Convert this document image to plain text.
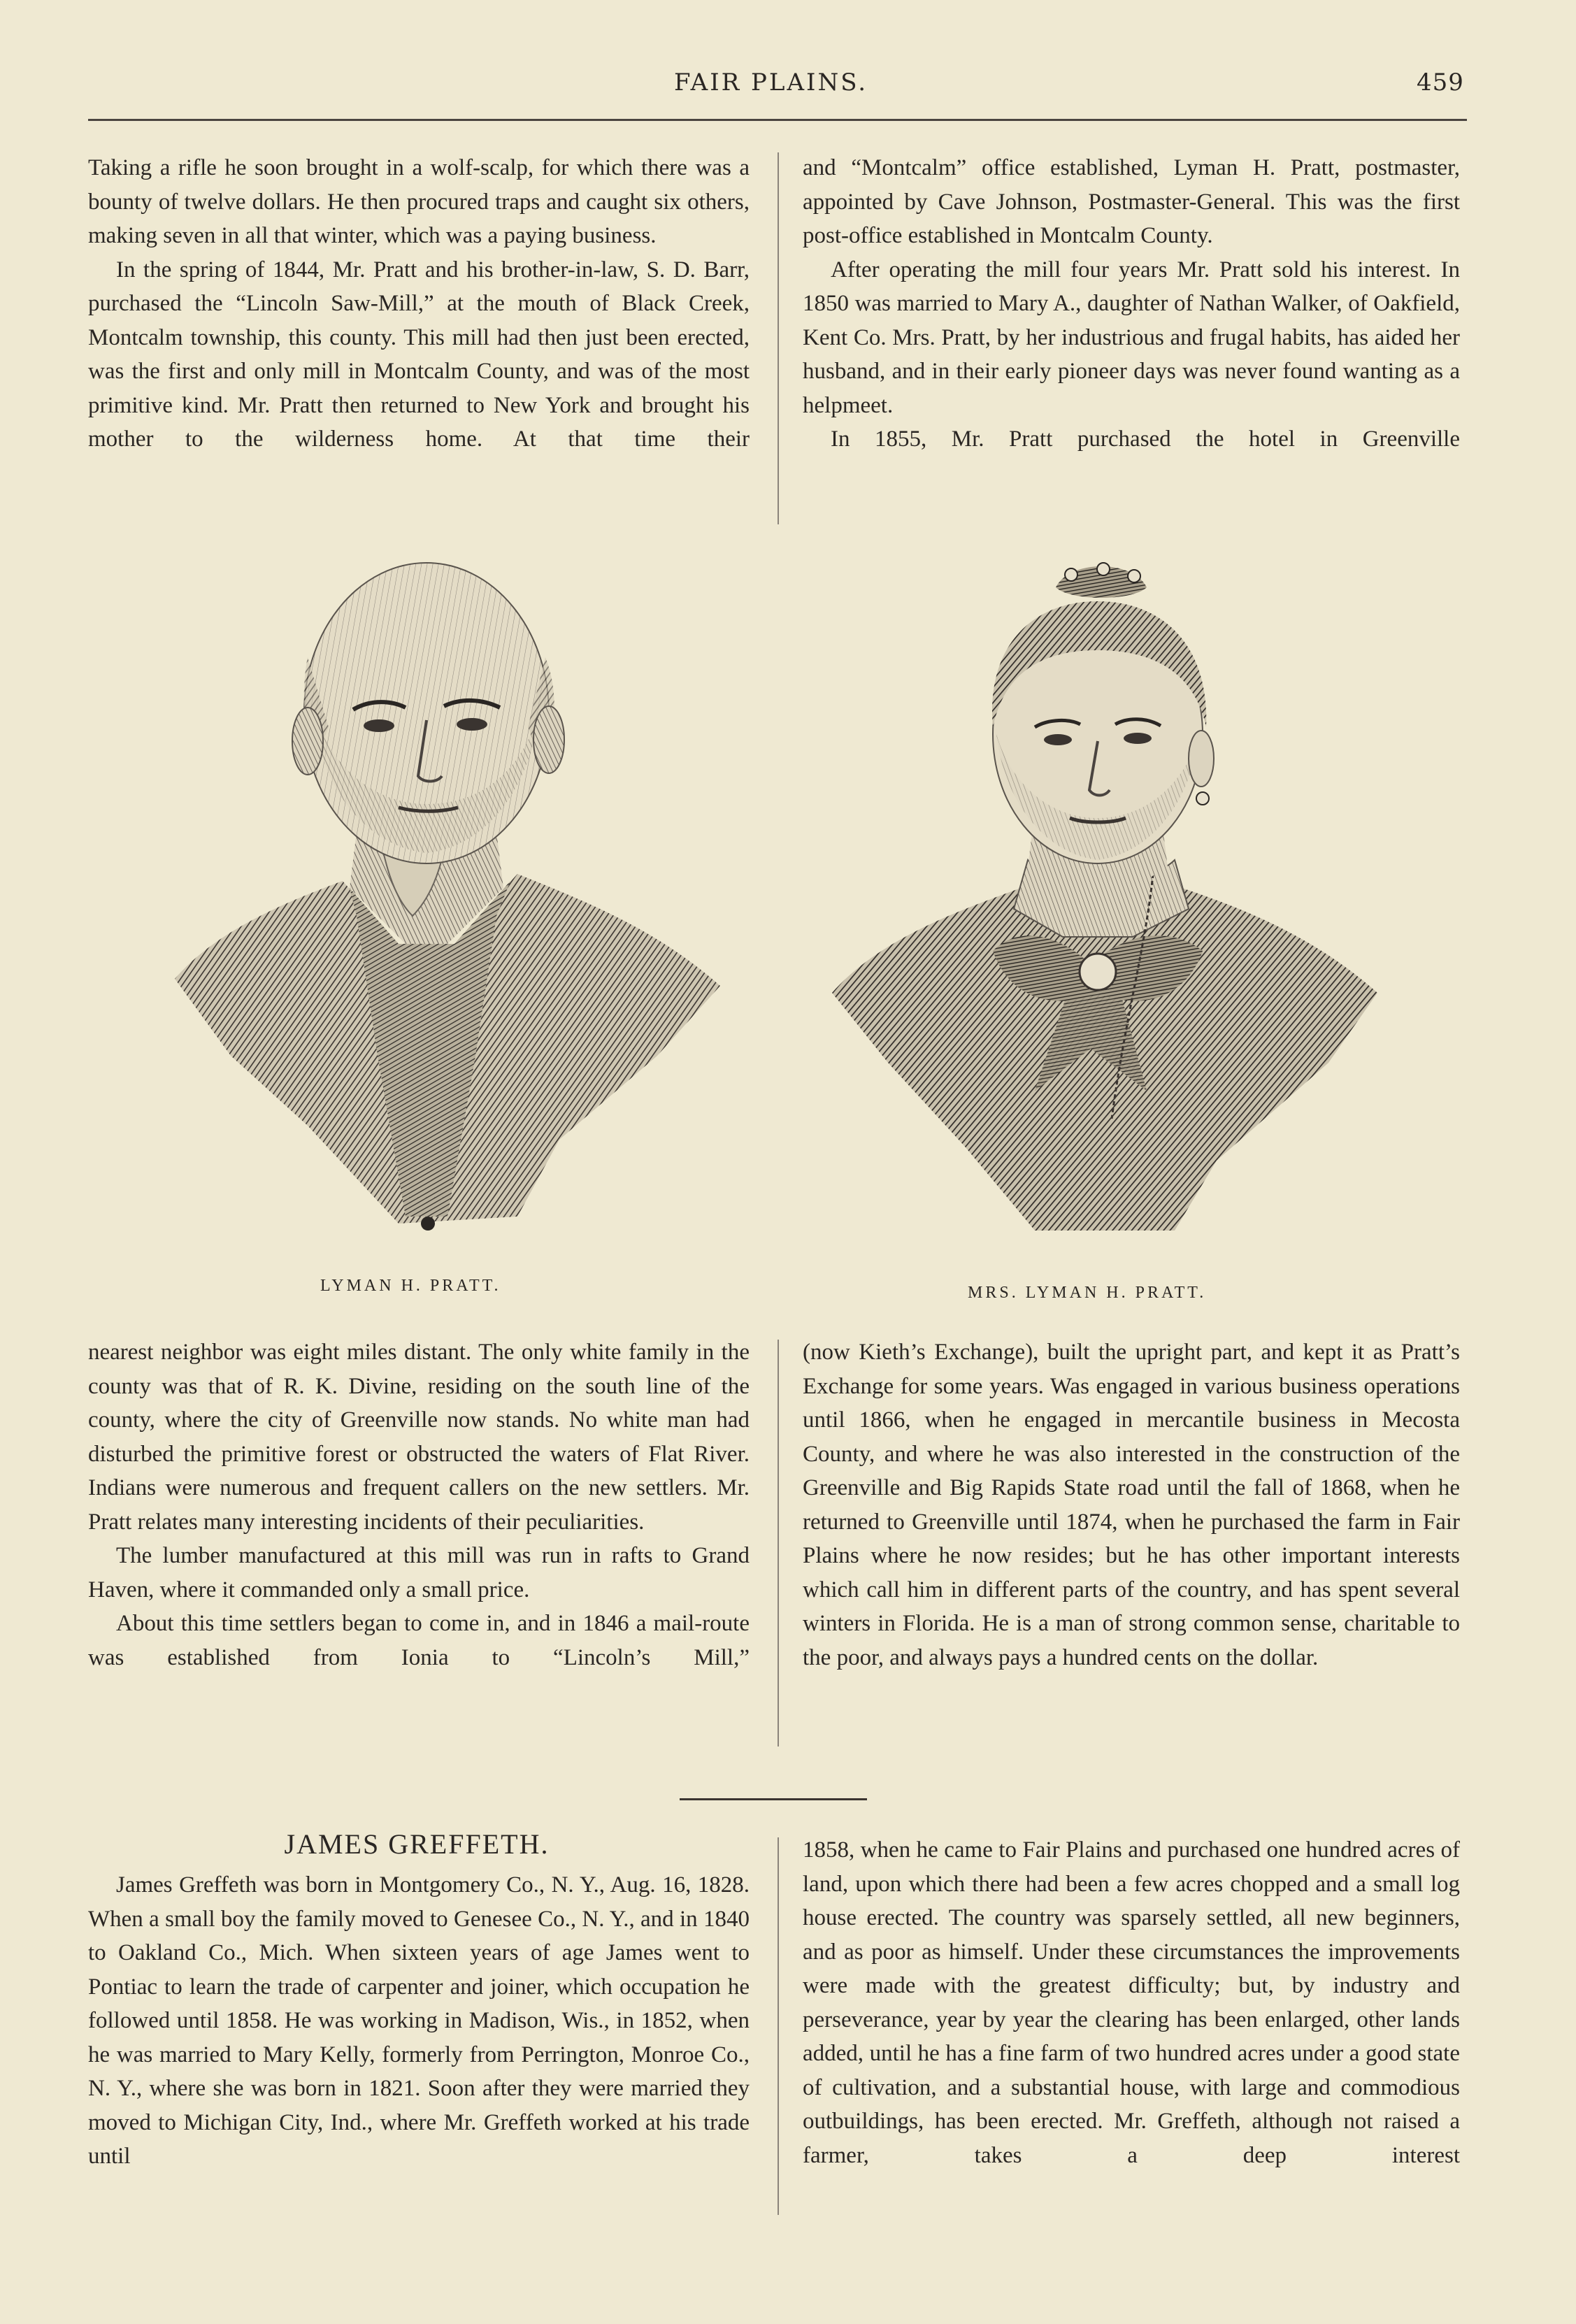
FAIR PLAINS.	459

Taking a rifle he soon brought in a wolf-scalp, for which there was a bounty of twelve dollars. He then procured traps and caught six others, making seven in all that winter, which was a paying business.

In the spring of 1844, Mr. Pratt and his brother-in-law, S. D. Barr, purchased the “Lincoln Saw-Mill,” at the mouth of Black Creek, Montcalm township, this county. This mill had then just been erected, was the first and only mill in Montcalm County, and was of the most primitive kind. Mr. Pratt then returned to New York and brought his mother to the wilderness home. At that time their

and “Montcalm” office established, Lyman H. Pratt, postmaster, appointed by Cave Johnson, Postmaster-General. This was the first post-office established in Montcalm County.

After operating the mill four years Mr. Pratt sold his interest. In 1850 was married to Mary A., daughter of Nathan Walker, of Oakfield, Kent Co. Mrs. Pratt, by her industrious and frugal habits, has aided her husband, and in their early pioneer days was never found wanting as a helpmeet.

In 1855, Mr. Pratt purchased the hotel in Greenville

LYMAN H. PRATT.	MRS. LYMAN H. PRATT.

nearest neighbor was eight miles distant. The only white family in the county was that of R. K. Divine, residing on the south line of the county, where the city of Greenville now stands. No white man had disturbed the primitive forest or obstructed the waters of Flat River. Indians were numerous and frequent callers on the new settlers. Mr. Pratt relates many interesting incidents of their peculiarities.

The lumber manufactured at this mill was run in rafts to Grand Haven, where it commanded only a small price.

About this time settlers began to come in, and in 1846 a mail-route was established from Ionia to “Lincoln’s Mill,”

(now Kieth’s Exchange), built the upright part, and kept it as Pratt’s Exchange for some years. Was engaged in various business operations until 1866, when he engaged in mercantile business in Mecosta County, and where he was also interested in the construction of the Greenville and Big Rapids State road until the fall of 1868, when he returned to Greenville until 1874, when he purchased the farm in Fair Plains where he now resides; but he has other important interests which call him in different parts of the country, and has spent several winters in Florida. He is a man of strong common sense, charitable to the poor, and always pays a hundred cents on the dollar.

JAMES GREFFETH.

James Greffeth was born in Montgomery Co., N. Y., Aug. 16, 1828. When a small boy the family moved to Genesee Co., N. Y., and in 1840 to Oakland Co., Mich. When sixteen years of age James went to Pontiac to learn the trade of carpenter and joiner, which occupation he followed until 1858. He was working in Madison, Wis., in 1852, when he was married to Mary Kelly, formerly from Perrington, Monroe Co., N. Y., where she was born in 1821. Soon after they were married they moved to Michigan City, Ind., where Mr. Greffeth worked at his trade until

1858, when he came to Fair Plains and purchased one hundred acres of land, upon which there had been a few acres chopped and a small log house erected. The country was sparsely settled, all new beginners, and as poor as himself. Under these circumstances the improvements were made with the greatest difficulty; but, by industry and perseverance, year by year the clearing has been enlarged, other lands added, until he has a fine farm of two hundred acres under a good state of cultivation, and a substantial house, with large and commodious outbuildings, has been erected. Mr. Greffeth, although not raised a farmer, takes a deep interest
